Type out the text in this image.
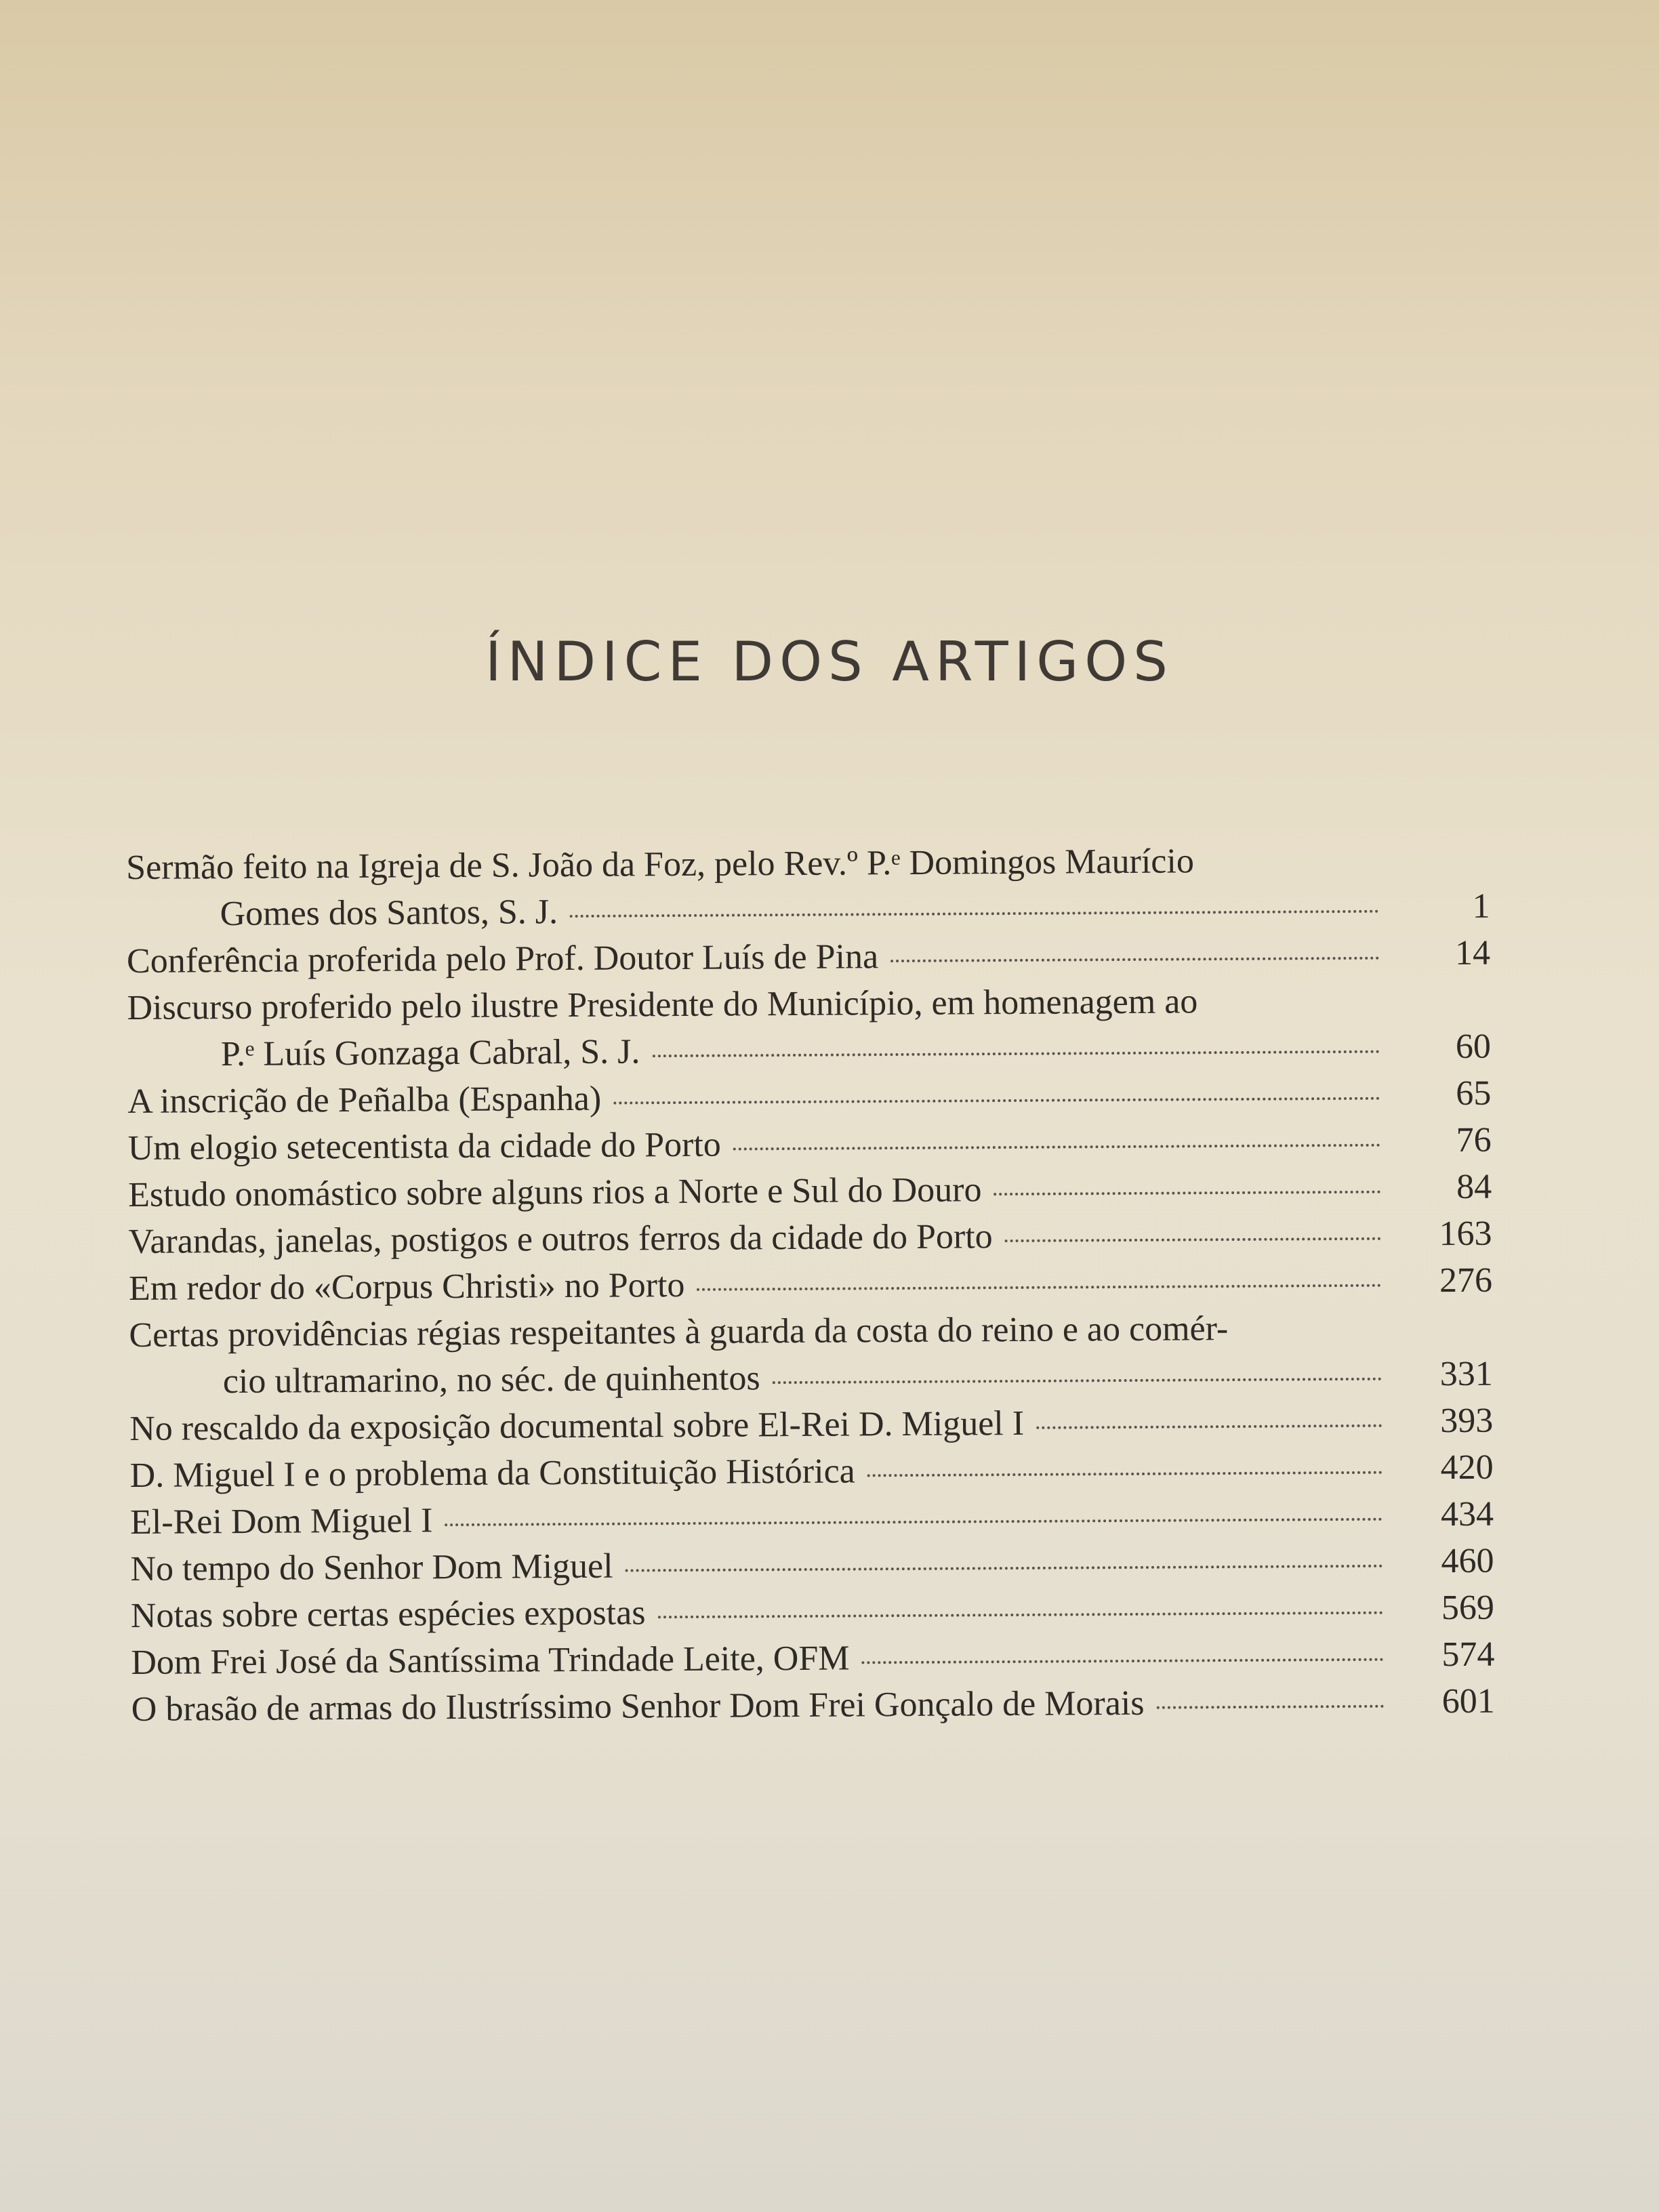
ÍNDICE DOS ARTIGOS
Sermão feito na Igreja de S. João da Foz, pelo Rev.º P.ᵉ Domingos Maurício
Gomes dos Santos, S. J.	1
Conferência proferida pelo Prof. Doutor Luís de Pina	14
Discurso proferido pelo ilustre Presidente do Município, em homenagem ao
P.ᵉ Luís Gonzaga Cabral, S. J.	60
A inscrição de Peñalba (Espanha)	65
Um elogio setecentista da cidade do Porto	76
Estudo onomástico sobre alguns rios a Norte e Sul do Douro	84
Varandas, janelas, postigos e outros ferros da cidade do Porto	163
Em redor do «Corpus Christi» no Porto	276
Certas providências régias respeitantes à guarda da costa do reino e ao comér-
cio ultramarino, no séc. de quinhentos	331
No rescaldo da exposição documental sobre El-Rei D. Miguel I	393
D. Miguel I e o problema da Constituição Histórica	420
El-Rei Dom Miguel I	434
No tempo do Senhor Dom Miguel	460
Notas sobre certas espécies expostas	569
Dom Frei José da Santíssima Trindade Leite, OFM	574
O brasão de armas do Ilustríssimo Senhor Dom Frei Gonçalo de Morais	601
